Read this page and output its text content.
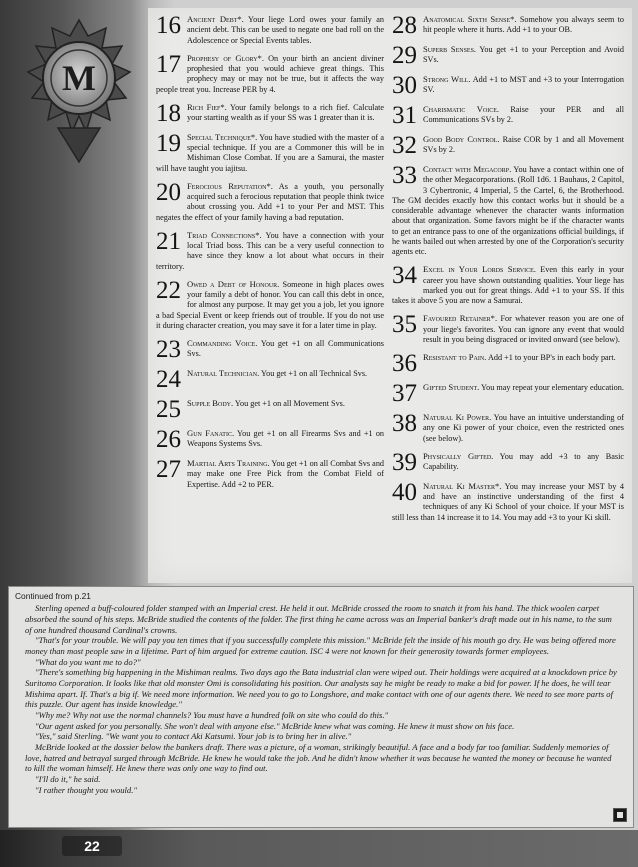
M
16 Ancient Debt*. Your liege Lord owes your family an ancient debt. This can be used to negate one bad roll on the Adolescence or Special Events tables.
17 Prophesy of Glory*. On your birth an ancient diviner prophesied that you would achieve great things. This prophecy may or may not be true, but it affects the way people treat you. Increase PER by 4.
18 Rich Fief*. Your family belongs to a rich fief. Calculate your starting wealth as if your SS was 1 greater than it is.
19 Special Technique*. You have studied with the master of a special technique. If you are a Commoner this will be in Mishiman Close Combat. If you are a Samurai, the master will have taught you iajitsu.
20 Ferocious Reputation*. As a youth, you personally acquired such a ferocious reputation that people think twice about crossing you. Add +1 to your Per and MST. This negates the effect of your family having a bad reputation.
21 Triad Connections*. You have a connection with your local Triad boss. This can be a very useful connection to have since they know a lot about what occurs in their territory.
22 Owed a Debt of Honour. Someone in high places owes your family a debt of honor. You can call this debt in once, for almost any purpose. It may get you a job, let you ignore a bad Special Event or keep friends out of trouble. If you do not use it during character creation, you may save it for a later time in play.
23 Commanding Voice. You get +1 on all Communications Svs.
24 Natural Technician. You get +1 on all Technical Svs.
25 Supple Body. You get +1 on all Movement Svs.
26 Gun Fanatic. You get +1 on all Firearms Svs and +1 on Weapons Systems Svs.
27 Martial Arts Training. You get +1 on all Combat Svs and may make one Free Pick from the Combat Field of Expertise. Add +2 to PER.
28 Anatomical Sixth Sense*. Somehow you always seem to hit people where it hurts. Add +1 to your OB.
29 Superb Senses. You get +1 to your Perception and Avoid SVs.
30 Strong Will. Add +1 to MST and +3 to your Interrogation SV.
31 Charismatic Voice. Raise your PER and all Communications SVs by 2.
32 Good Body Control. Raise COR by 1 and all Movement SVs by 2.
33 Contact with Megacorp. You have a contact within one of the other Megacorporations. (Roll 1d6. 1 Bauhaus, 2 Capitol, 3 Cybertronic, 4 Imperial, 5 the Cartel, 6, the Brotherhood. The GM decides exactly how this contact works but it should be a considerable advantage whenever the character wants information about that organization. Some favors might be if the character wants to get an entrance pass to one of the organizations official buildings, if he wants bailed out when arrested by one of the Corporation's security agents etc.
34 Excel in Your Lords Service. Even this early in your career you have shown outstanding qualities. Your liege has marked you out for great things. Add +1 to your SS. If this takes it above 5 you are now a Samurai.
35 Favoured Retainer*. For whatever reason you are one of your liege's favorites. You can ignore any event that would result in you being disgraced or invited onward (see below).
36 Resistant to Pain. Add +1 to your BP's in each body part.
37 Gifted Student. You may repeat your elementary education.
38 Natural Ki Power. You have an intuitive understanding of any one Ki power of your choice, even the restricted ones (see below).
39 Physically Gifted. You may add +3 to any Basic Capability.
40 Natural Ki Master*. You may increase your MST by 4 and have an instinctive understanding of the first 4 techniques of any Ki School of your choice. If your MST is still less than 14 increase it to 14. You may add +3 to your Ki skill.
Continued from p.21

Sterling opened a buff-coloured folder stamped with an Imperial crest. He held it out. McBride crossed the room to snatch it from his hand. The thick woolen carpet absorbed the sound of his steps. McBride studied the contents of the folder. The first thing he came across was an Imperial banker's draft made out in his name, to the sum of one hundred thousand Cardinal's crowns.

"That's for your trouble. We will pay you ten times that if you successfully complete this mission." McBride felt the inside of his mouth go dry. He was being offered more money than most people saw in a lifetime. Part of him argued for extreme caution. ISC 4 were not known for their generosity towards former employees.

"What do you want me to do?"

"There's something big happening in the Mishiman realms. Two days ago the Bata industrial clan were wiped out. Their holdings were acquired at a knockdown price by Suritomo Corporation. It looks like that old monster Omi is consolidating his position. Our analysts say he might be ready to make a bid for power. If he does, he will tear Mishima apart. If. That's a big if. We need more information. We need you to go to Longshore, and make contact with one of our agents there. We need to see more parts of this puzzle. Our agent has inside knowledge."

"Why me? Why not use the normal channels? You must have a hundred folk on site who could do this."

"Our agent asked for you personally. She won't deal with anyone else." McBride knew what was coming. He knew it must show on his face.

"Yes," said Sterling. "We want you to contact Aki Katsumi. Your job is to bring her in alive."

McBride looked at the dossier below the bankers draft. There was a picture, of a woman, strikingly beautiful. A face and a body far too familiar. Suddenly memories of love, hatred and betrayal surged through McBride. He knew he would take the job. And he didn't know whether it was because he wanted the money or because he wanted to kill the woman himself. He knew there was only one way to find out.

"I'll do it," he said.

"I rather thought you would."

22
